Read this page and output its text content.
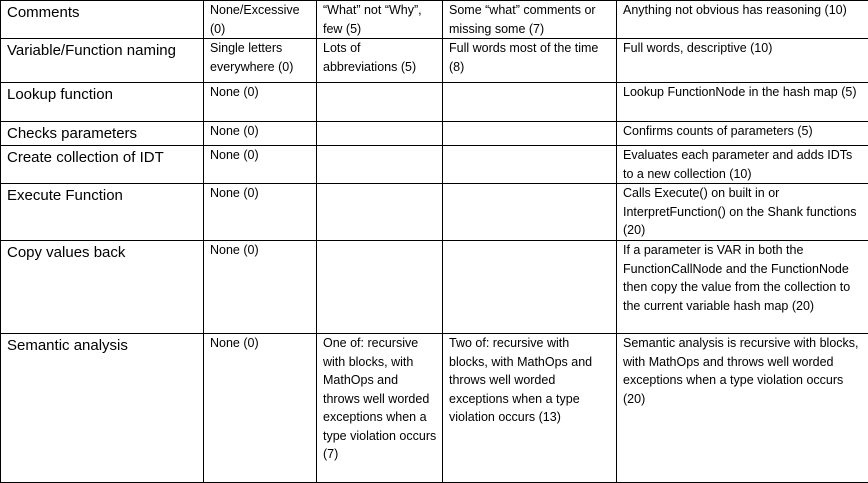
Comments	None/Excessive (0)	“What” not “Why”, few (5)	Some “what” comments or missing some (7)	Anything not obvious has reasoning (10)

Variable/Function naming	Single letters everywhere (0)	Lots of abbreviations (5)	Full words most of the time (8)	Full words, descriptive (10)

Lookup function	None (0)			Lookup FunctionNode in the hash map (5)

Checks parameters	None (0)			Confirms counts of parameters (5)

Create collection of IDT	None (0)			Evaluates each parameter and adds IDTs to a new collection (10)

Execute Function	None (0)			Calls Execute() on built in or InterpretFunction() on the Shank functions (20)

Copy values back	None (0)			If a parameter is VAR in both the FunctionCallNode and the FunctionNode then copy the value from the collection to the current variable hash map (20)

Semantic analysis	None (0)	One of: recursive with blocks, with MathOps and throws well worded exceptions when a type violation occurs (7)	Two of: recursive with blocks, with MathOps and throws well worded exceptions when a type violation occurs (13)	Semantic analysis is recursive with blocks, with MathOps and throws well worded exceptions when a type violation occurs (20)
